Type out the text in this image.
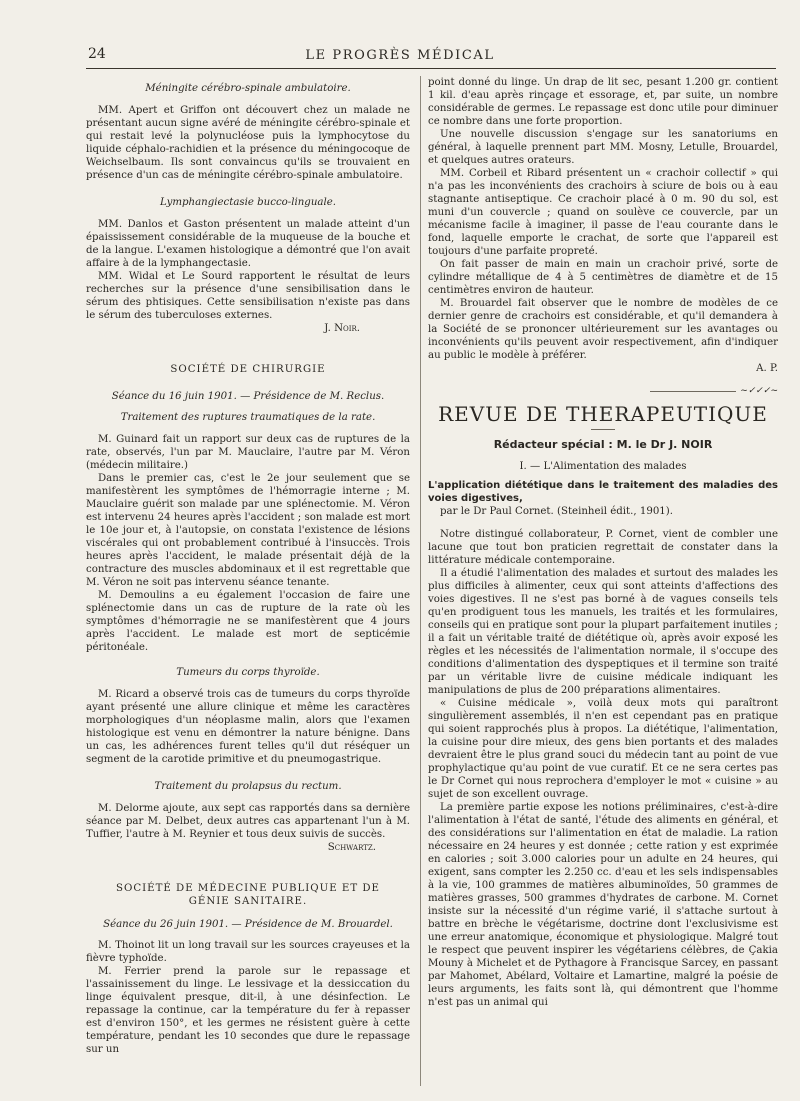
24	LE PROGRÈS MÉDICAL
Méningite cérébro-spinale ambulatoire.

MM. Apert et Griffon ont découvert chez un malade ne présentant aucun signe avéré de méningite cérébro-spinale et qui restait levé la polynucléose puis la lymphocytose du liquide céphalo-rachidien et la présence du méningocoque de Weichselbaum. Ils sont convaincus qu'ils se trouvaient en présence d'un cas de méningite cérébro-spinale ambulatoire.

Lymphangiectasie bucco-linguale.

MM. Danlos et Gaston présentent un malade atteint d'un épaississement considérable de la muqueuse de la bouche et de la langue. L'examen histologique a démontré que l'on avait affaire à de la lymphangectasie.

MM. Widal et Le Sourd rapportent le résultat de leurs recherches sur la présence d'une sensibilisation dans le sérum des phtisiques. Cette sensibilisation n'existe pas dans le sérum des tuberculoses externes.

J. Noir.
SOCIÉTÉ DE CHIRURGIE
Séance du 16 juin 1901. — Présidence de M. Reclus.
Traitement des ruptures traumatiques de la rate.

M. Guinard fait un rapport sur deux cas de ruptures de la rate, observés, l'un par M. Mauclaire, l'autre par M. Véron (médecin militaire.)

Dans le premier cas, c'est le 2e jour seulement que se manifestèrent les symptômes de l'hémorragie interne ; M. Mauclaire guérit son malade par une splénectomie. M. Véron est intervenu 24 heures après l'accident ; son malade est mort le 10e jour et, à l'autopsie, on constata l'existence de lésions viscérales qui ont probablement contribué à l'insuccès. Trois heures après l'accident, le malade présentait déjà de la contracture des muscles abdominaux et il est regrettable que M. Véron ne soit pas intervenu séance tenante.

M. Demoulins a eu également l'occasion de faire une splénectomie dans un cas de rupture de la rate où les symptômes d'hémorragie ne se manifestèrent que 4 jours après l'accident. Le malade est mort de septicémie péritonéale.

Tumeurs du corps thyroïde.

M. Ricard a observé trois cas de tumeurs du corps thyroïde ayant présenté une allure clinique et même les caractères morphologiques d'un néoplasme malin, alors que l'examen histologique est venu en démontrer la nature bénigne. Dans un cas, les adhérences furent telles qu'il dut réséquer un segment de la carotide primitive et du pneumogastrique.

Traitement du prolapsus du rectum.

M. Delorme ajoute, aux sept cas rapportés dans sa dernière séance par M. Delbet, deux autres cas appartenant l'un à M. Tuffier, l'autre à M. Reynier et tous deux suivis de succès.

Schwartz.
SOCIÉTÉ DE MÉDECINE PUBLIQUE ET DE
GÉNIE SANITAIRE.
Séance du 26 juin 1901. — Présidence de M. Brouardel.

M. Thoinot lit un long travail sur les sources crayeuses et la fièvre typhoïde.

M. Ferrier prend la parole sur le repassage et l'assainissement du linge. Le lessivage et la dessiccation du linge équivalent presque, dit-il, à une désinfection. Le repassage la continue, car la température du fer à repasser est d'environ 150°, et les germes ne résistent guère à cette température, pendant les 10 secondes que dure le repassage sur un

point donné du linge. Un drap de lit sec, pesant 1.200 gr. contient 1 kil. d'eau après rinçage et essorage, et, par suite, un nombre considérable de germes. Le repassage est donc utile pour diminuer ce nombre dans une forte proportion.

Une nouvelle discussion s'engage sur les sanatoriums en général, à laquelle prennent part MM. Mosny, Letulle, Brouardel, et quelques autres orateurs.

MM. Corbeil et Ribard présentent un « crachoir collectif » qui n'a pas les inconvénients des crachoirs à sciure de bois ou à eau stagnante antiseptique. Ce crachoir placé à 0 m. 90 du sol, est muni d'un couvercle ; quand on soulève ce couvercle, par un mécanisme facile à imaginer, il passe de l'eau courante dans le fond, laquelle emporte le crachat, de sorte que l'appareil est toujours d'une parfaite propreté.

On fait passer de main en main un crachoir privé, sorte de cylindre métallique de 4 à 5 centimètres de diamètre et de 15 centimètres environ de hauteur.

M. Brouardel fait observer que le nombre de modèles de ce dernier genre de crachoirs est considérable, et qu'il demandera à la Société de se prononcer ultérieurement sur les avantages ou inconvénients qu'ils peuvent avoir respectivement, afin d'indiquer au public le modèle à préférer.

A. P.
~✓✓✓~
REVUE DE THERAPEUTIQUE
Rédacteur spécial : M. le Dr J. NOIR
I. — L'Alimentation des malades

L'application diététique dans le traitement des maladies des voies digestives,

par le Dr Paul Cornet. (Steinheil édit., 1901).

Notre distingué collaborateur, P. Cornet, vient de combler une lacune que tout bon praticien regrettait de constater dans la littérature médicale contemporaine.

Il a étudié l'alimentation des malades et surtout des malades les plus difficiles à alimenter, ceux qui sont atteints d'affections des voies digestives. Il ne s'est pas borné à de vagues conseils tels qu'en prodiguent tous les manuels, les traités et les formulaires, conseils qui en pratique sont pour la plupart parfaitement inutiles ; il a fait un véritable traité de diététique où, après avoir exposé les règles et les nécessités de l'alimentation normale, il s'occupe des conditions d'alimentation des dyspeptiques et il termine son traité par un véritable livre de cuisine médicale indiquant les manipulations de plus de 200 préparations alimentaires.

« Cuisine médicale », voilà deux mots qui paraîtront singulièrement assemblés, il n'en est cependant pas en pratique qui soient rapprochés plus à propos. La diététique, l'alimentation, la cuisine pour dire mieux, des gens bien portants et des malades devraient être le plus grand souci du médecin tant au point de vue prophylactique qu'au point de vue curatif. Et ce ne sera certes pas le Dr Cornet qui nous reprochera d'employer le mot « cuisine » au sujet de son excellent ouvrage.

La première partie expose les notions préliminaires, c'est-à-dire l'alimentation à l'état de santé, l'étude des aliments en général, et des considérations sur l'alimentation en état de maladie. La ration nécessaire en 24 heures y est donnée ; cette ration y est exprimée en calories ; soit 3.000 calories pour un adulte en 24 heures, qui exigent, sans compter les 2.250 cc. d'eau et les sels indispensables à la vie, 100 grammes de matières albuminoïdes, 50 grammes de matières grasses, 500 grammes d'hydrates de carbone. M. Cornet insiste sur la nécessité d'un régime varié, il s'attache surtout à battre en brèche le végétarisme, doctrine dont l'exclusivisme est une erreur anatomique, économique et physiologique. Malgré tout le respect que peuvent inspirer les végétariens célèbres, de Çakia Mouny à Michelet et de Pythagore à Francisque Sarcey, en passant par Mahomet, Abélard, Voltaire et Lamartine, malgré la poésie de leurs arguments, les faits sont là, qui démontrent que l'homme n'est pas un animal qui
